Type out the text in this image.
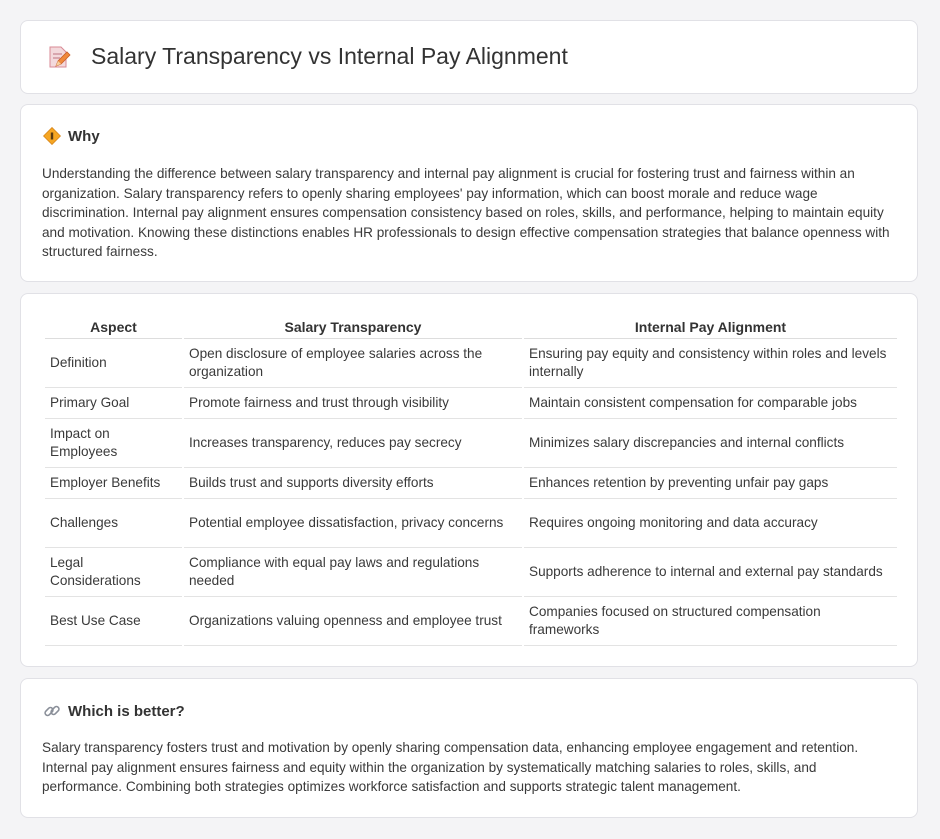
Salary Transparency vs Internal Pay Alignment
Why
Understanding the difference between salary transparency and internal pay alignment is crucial for fostering trust and fairness within an organization. Salary transparency refers to openly sharing employees' pay information, which can boost morale and reduce wage discrimination. Internal pay alignment ensures compensation consistency based on roles, skills, and performance, helping to maintain equity and motivation. Knowing these distinctions enables HR professionals to design effective compensation strategies that balance openness with structured fairness.
Aspect	Salary Transparency	Internal Pay Alignment
Definition	Open disclosure of employee salaries across the organization	Ensuring pay equity and consistency within roles and levels internally
Primary Goal	Promote fairness and trust through visibility	Maintain consistent compensation for comparable jobs
Impact on Employees	Increases transparency, reduces pay secrecy	Minimizes salary discrepancies and internal conflicts
Employer Benefits	Builds trust and supports diversity efforts	Enhances retention by preventing unfair pay gaps
Challenges	Potential employee dissatisfaction, privacy concerns	Requires ongoing monitoring and data accuracy
Legal Considerations	Compliance with equal pay laws and regulations needed	Supports adherence to internal and external pay standards
Best Use Case	Organizations valuing openness and employee trust	Companies focused on structured compensation frameworks
Which is better?
Salary transparency fosters trust and motivation by openly sharing compensation data, enhancing employee engagement and retention. Internal pay alignment ensures fairness and equity within the organization by systematically matching salaries to roles, skills, and performance. Combining both strategies optimizes workforce satisfaction and supports strategic talent management.
